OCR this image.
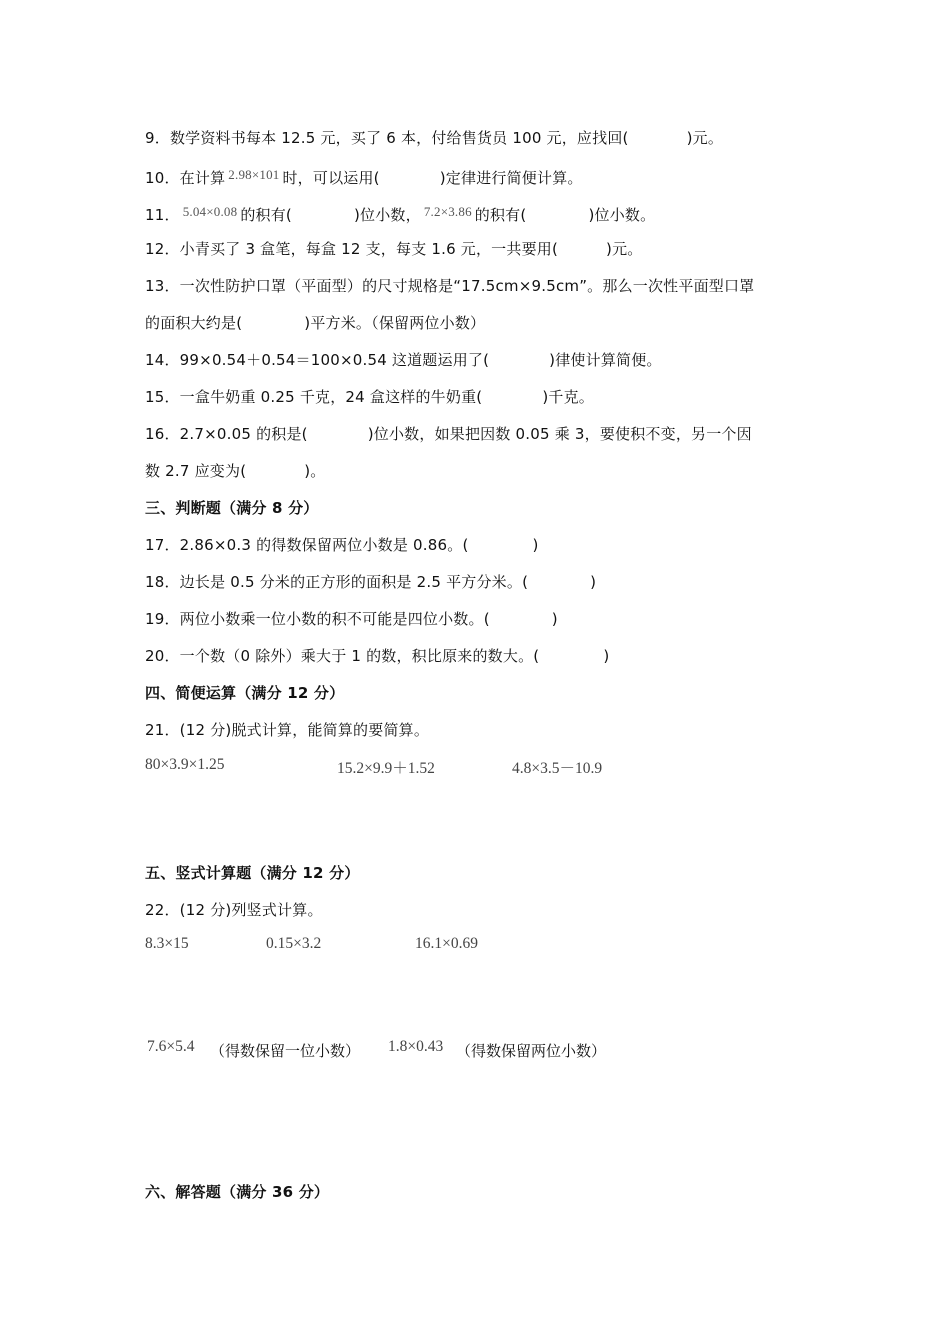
9．数学资料书每本 12.5 元，买了 6 本，付给售货员 100 元，应找回(	)元。
10．在计算 2.98×101 时，可以运用(	)定律进行简便计算。
11． 5.04×0.08 的积有(	)位小数， 7.2×3.86 的积有(	)位小数。
12．小青买了 3 盒笔，每盒 12 支，每支 1.6 元，一共要用(	)元。
13．一次性防护口罩（平面型）的尺寸规格是“17.5cm×9.5cm”。那么一次性平面型口罩
的面积大约是(	)平方米。（保留两位小数）
14．99×0.54＋0.54＝100×0.54 这道题运用了(	)律使计算简便。
15．一盒牛奶重 0.25 千克，24 盒这样的牛奶重(	)千克。
16．2.7×0.05 的积是(	)位小数，如果把因数 0.05 乘 3，要使积不变，另一个因
数 2.7 应变为(	)。
三、判断题（满分 8 分）
17．2.86×0.3 的得数保留两位小数是 0.86。(	)
18．边长是 0.5 分米的正方形的面积是 2.5 平方分米。(	)
19．两位小数乘一位小数的积不可能是四位小数。(	)
20．一个数（0 除外）乘大于 1 的数，积比原来的数大。(	)
四、简便运算（满分 12 分）
21．(12 分)脱式计算，能简算的要简算。
80×3.9×1.25	15.2×9.9＋1.52	4.8×3.5－10.9
五、竖式计算题（满分 12 分）
22．(12 分)列竖式计算。
8.3×15	0.15×3.2	16.1×0.69
7.6×5.4 （得数保留一位小数） 1.8×0.43 （得数保留两位小数）
六、解答题（满分 36 分）
